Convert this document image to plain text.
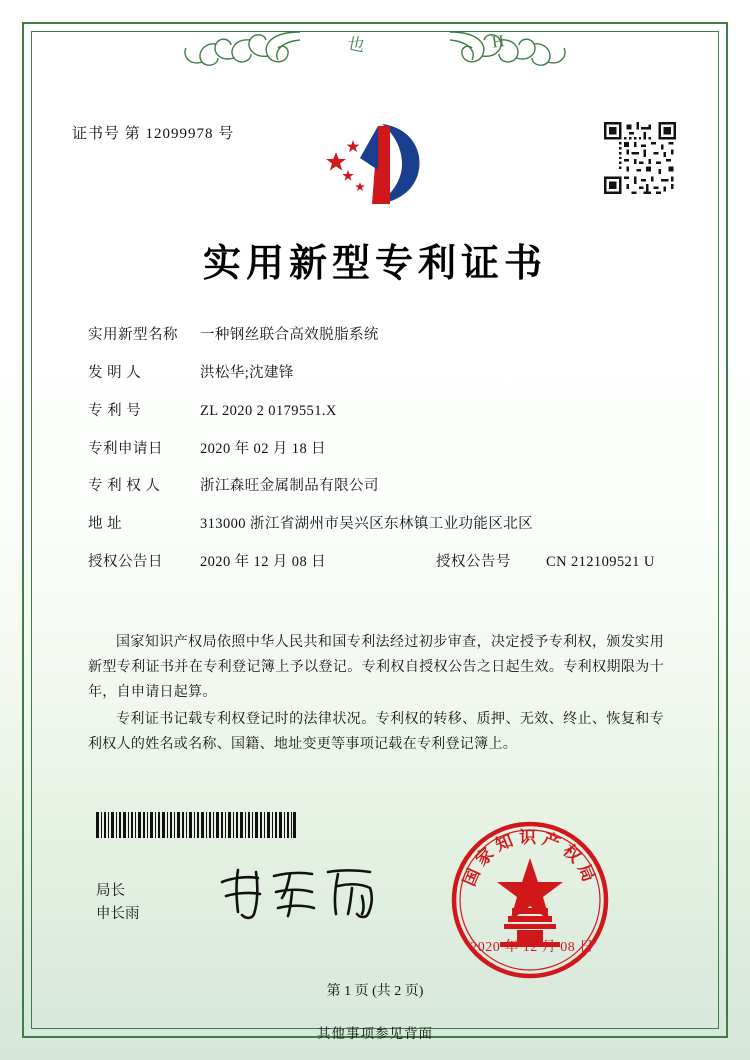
也	H
证书号 第 12099978 号
实用新型专利证书
实用新型名称	一种钢丝联合高效脱脂系统
发 明 人	洪松华;沈建锋
专 利 号	ZL 2020 2 0179551.X
专利申请日	2020 年 02 月 18 日
专 利 权 人	浙江森旺金属制品有限公司
地 址	313000 浙江省湖州市吴兴区东林镇工业功能区北区
授权公告日	2020 年 12 月 08 日	授权公告号	CN 212109521 U

国家知识产权局依照中华人民共和国专利法经过初步审查，决定授予专利权，颁发实用新型专利证书并在专利登记簿上予以登记。专利权自授权公告之日起生效。专利权期限为十年，自申请日起算。

专利证书记载专利权登记时的法律状况。专利权的转移、质押、无效、终止、恢复和专利权人的姓名或名称、国籍、地址变更等事项记载在专利登记簿上。

局长
申长雨
国家知识产权局
2020 年 12 月 08 日
第 1 页 (共 2 页)
其他事项参见背面
